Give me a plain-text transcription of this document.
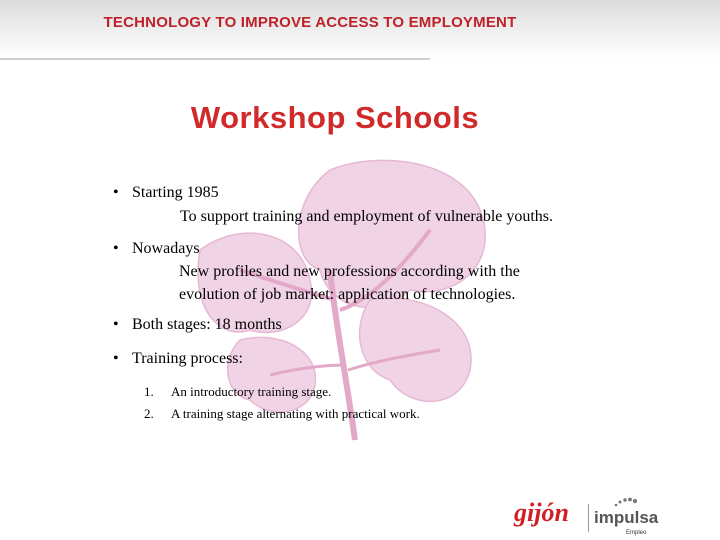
TECHNOLOGY TO IMPROVE ACCESS TO EMPLOYMENT
Workshop Schools
• Starting 1985
To support training and employment of vulnerable youths.
• Nowadays
New profiles and new professions according with the
evolution of job market: application of technologies.
• Both stages: 18 months
• Training process:
1. An introductory training stage.
2. A training stage alternating with practical work.
gijón impulsa
Empleo
